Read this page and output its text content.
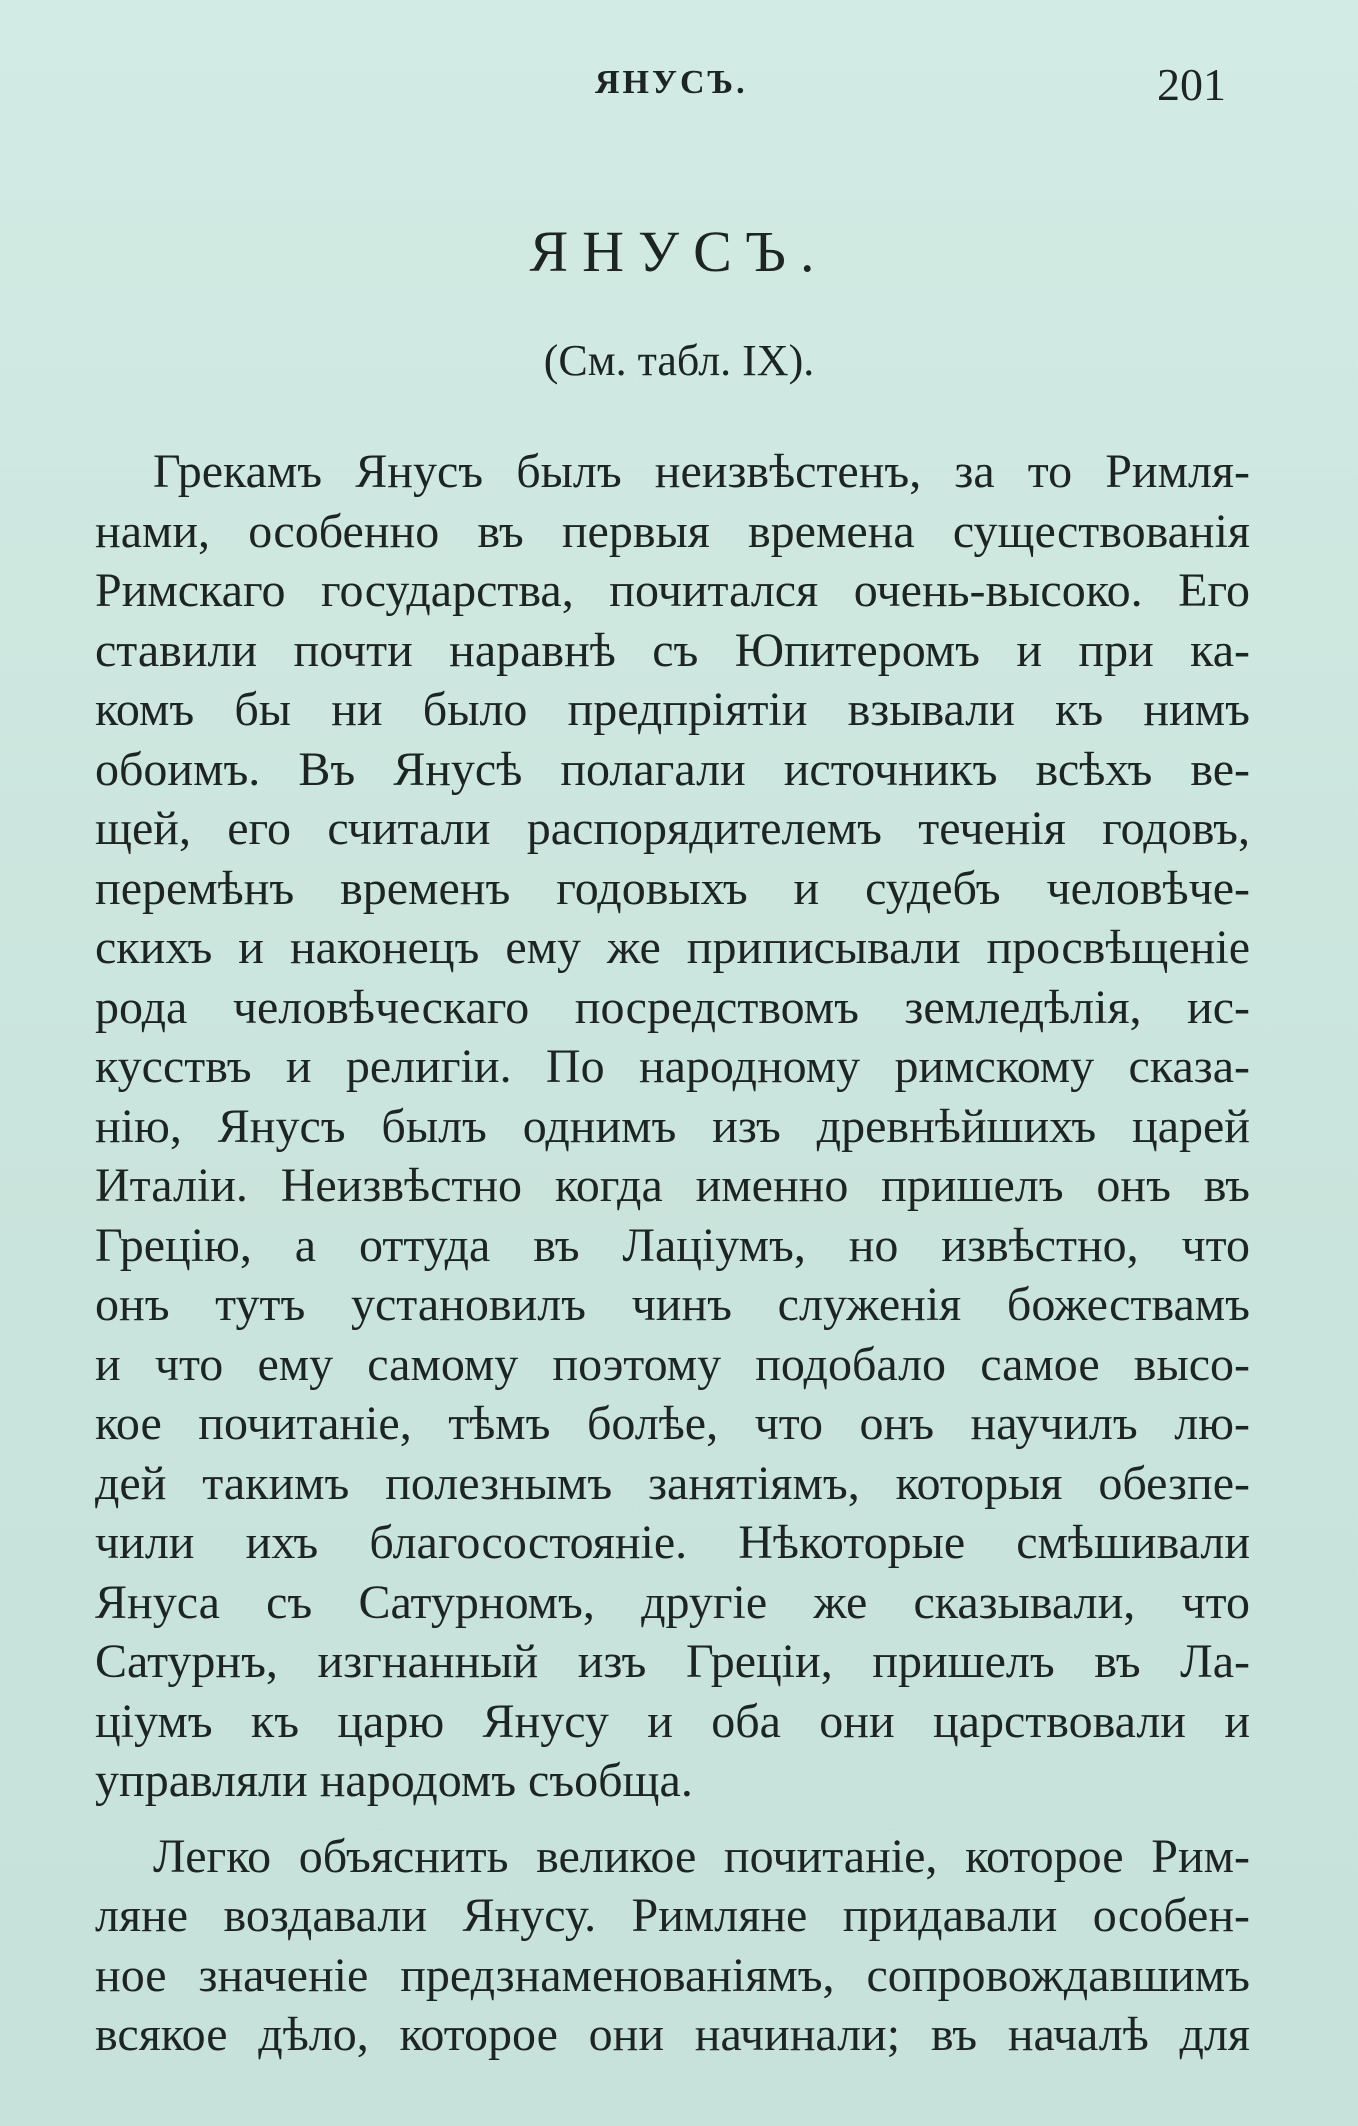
ЯНУСЪ.	201
ЯНУСЪ.
(См. табл. IX).
Грекамъ Янусъ былъ неизвѣстенъ, за то Римля-
нами, особенно въ первыя времена существованія
Римскаго государства, почитался очень-высоко. Его
ставили почти наравнѣ съ Юпитеромъ и при ка-
комъ бы ни было предпріятіи взывали къ нимъ
обоимъ. Въ Янусѣ полагали источникъ всѣхъ ве-
щей, его считали распорядителемъ теченія годовъ,
перемѣнъ временъ годовыхъ и судебъ человѣче-
скихъ и наконецъ ему же приписывали просвѣщеніе
рода человѣческаго посредствомъ земледѣлія, ис-
кусствъ и религіи. По народному римскому сказа-
нію, Янусъ былъ однимъ изъ древнѣйшихъ царей
Италіи. Неизвѣстно когда именно пришелъ онъ въ
Грецію, а оттуда въ Лаціумъ, но извѣстно, что
онъ тутъ установилъ чинъ служенія божествамъ
и что ему самому поэтому подобало самое высо-
кое почитаніе, тѣмъ болѣе, что онъ научилъ лю-
дей такимъ полезнымъ занятіямъ, которыя обезпе-
чили ихъ благосостояніе. Нѣкоторые смѣшивали
Януса съ Сатурномъ, другіе же сказывали, что
Сатурнъ, изгнанный изъ Греціи, пришелъ въ Ла-
ціумъ къ царю Янусу и оба они царствовали и
управляли народомъ съобща.
Легко объяснить великое почитаніе, которое Рим-
ляне воздавали Янусу. Римляне придавали особен-
ное значеніе предзнаменованіямъ, сопровождавшимъ
всякое дѣло, которое они начинали; въ началѣ для
